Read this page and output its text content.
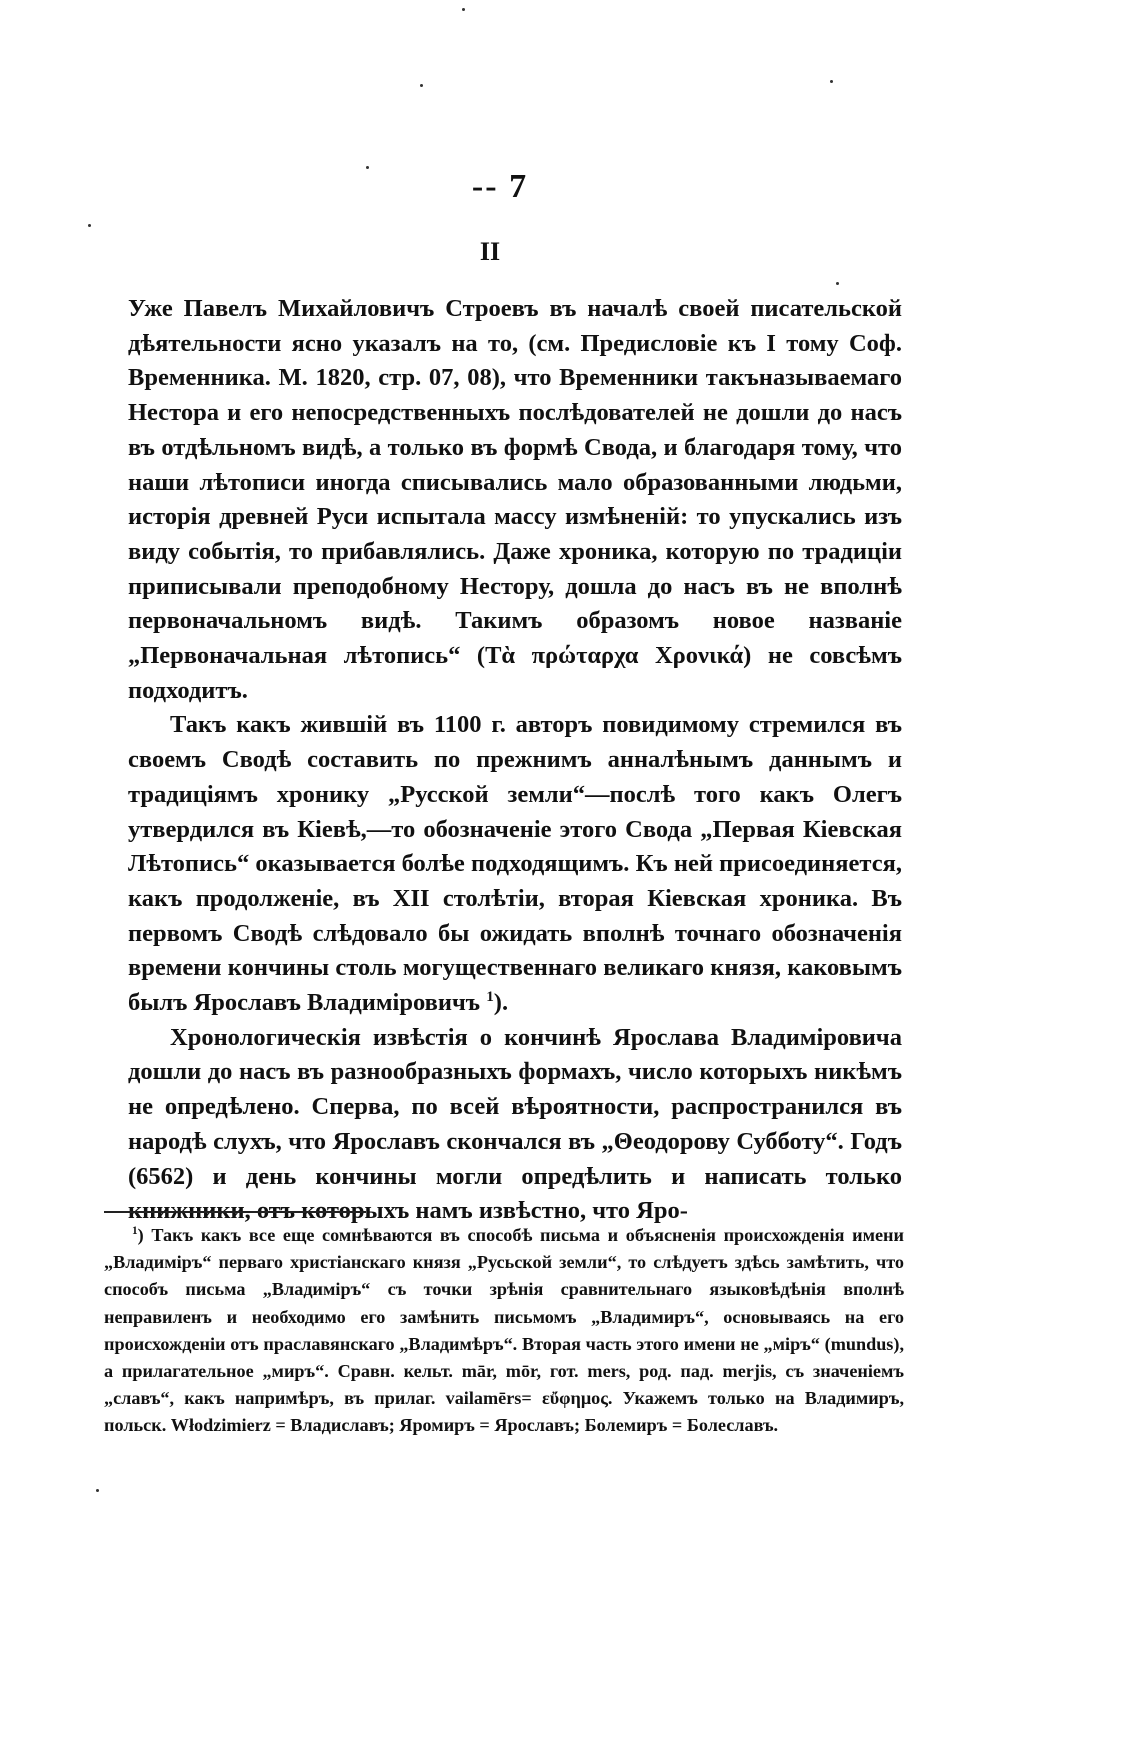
-- 7
II

Уже Павелъ Михайловичъ Строевъ въ началѣ своей писательской дѣятельности ясно указалъ на то, (см. Предисловіе къ I тому Соф. Временника. М. 1820, стр. 07, 08), что Временники такъназываемаго Нестора и его непосредственныхъ послѣдователей не дошли до насъ въ отдѣльномъ видѣ, а только въ формѣ Свода, и благодаря тому, что наши лѣтописи иногда списывались мало образованными людьми, исторія древней Руси испытала массу измѣненій: то упускались изъ виду событія, то прибавлялись. Даже хроника, которую по традиціи приписывали преподобному Нестору, дошла до насъ въ не вполнѣ первоначальномъ видѣ. Такимъ образомъ новое названіе „Первоначальная лѣтопись“ (Τὰ πρώταρχα Χρονικά) не совсѣмъ подходитъ.

Такъ какъ жившій въ 1100 г. авторъ повидимому стремился въ своемъ Сводѣ составить по прежнимъ анналѣнымъ даннымъ и традиціямъ хронику „Русской земли“—послѣ того какъ Олегъ утвердился въ Кіевѣ,—то обозначеніе этого Свода „Первая Кіевская Лѣтопись“ оказывается болѣе подходящимъ. Къ ней присоединяется, какъ продолженіе, въ XII столѣтіи, вторая Кіевская хроника. Въ первомъ Сводѣ слѣдовало бы ожидать вполнѣ точнаго обозначенія времени кончины столь могущественнаго великаго князя, каковымъ былъ Ярославъ Владиміровичъ $^1$).

Хронологическія извѣстія о кончинѣ Ярослава Владиміровича дошли до насъ въ разнообразныхъ формахъ, число которыхъ никѣмъ не опредѣлено. Сперва, по всей вѣроятности, распространился въ народѣ слухъ, что Ярославъ скончался въ „Θеодорову Субботу“. Годъ (6562) и день кончины могли опредѣлить и написать только книжники, отъ которыхъ намъ извѣстно, что Яро-

$^1$) Такъ какъ все еще сомнѣваются въ способѣ письма и объясненія происхожденія имени „Владиміръ“ перваго христіанскаго князя „Русьской земли“, то слѣдуетъ здѣсь замѣтить, что способъ письма „Владиміръ“ съ точки зрѣнія сравнительнаго языковѣдѣнія вполнѣ неправиленъ и необходимо его замѣнить письмомъ „Владимиръ“, основываясь на его происхожденіи отъ праславянскаго „Владимѣръ“. Вторая часть этого имени не „міръ“ (mundus), а прилагательное „миръ“. Сравн. кельт. mār, mōr, гот. mers, род. пад. merjis, съ значеніемъ „славъ“, какъ напримѣръ, въ прилаг. vailamērs= εὔφημος. Укажемъ только на Владимиръ, польск. Włodzimierz = Владиславъ; Яромиръ = Ярославъ; Болемиръ = Болеславъ.
